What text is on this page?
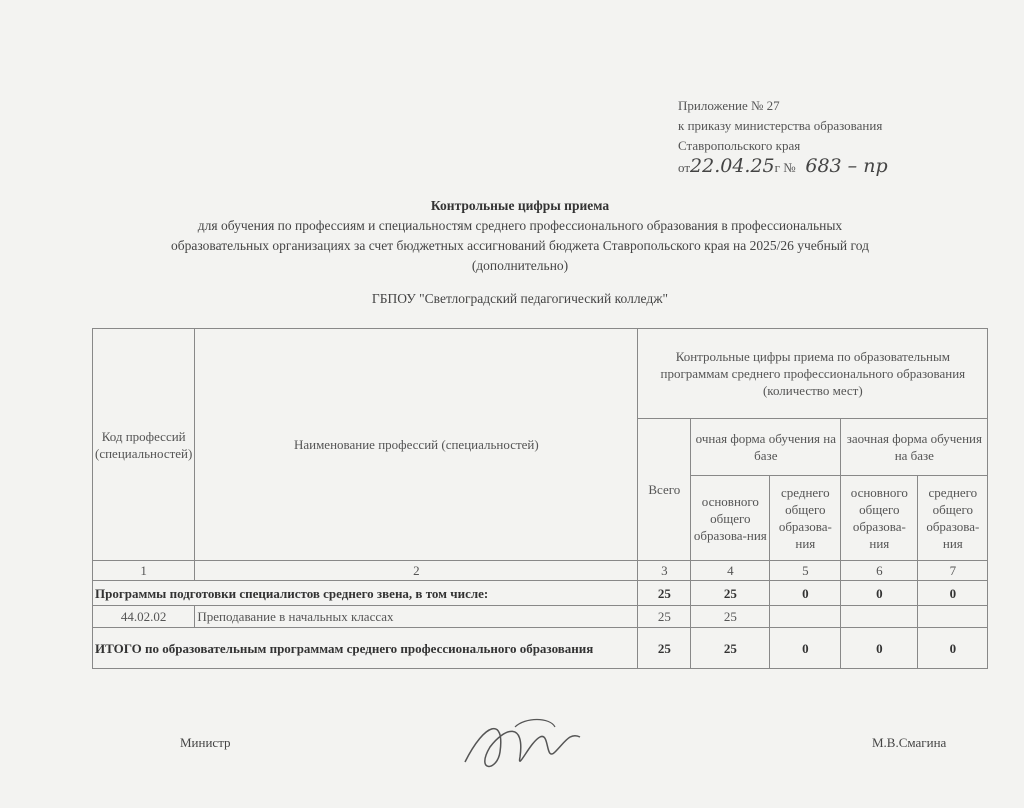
Приложение № 27
к приказу министерства образования
Ставропольского края
от22.04.25г № 683 – пр
Контрольные цифры приема
для обучения по профессиям и специальностям среднего профессионального образования в профессиональных
образовательных организациях за счет бюджетных ассигнований бюджета Ставропольского края на 2025/26 учебный год
(дополнительно)
ГБПОУ "Светлоградский педагогический колледж"
Код профессий (специальностей)	Наименование профессий (специальностей)	Контрольные цифры приема по образовательным программам среднего профессионального образования (количество мест)				
		Всего	очная форма обучения на базе		заочная форма обучения на базе	
			основного общего образова-ния	среднего общего образова-ния	основного общего образова-ния	среднего общего образова-ния
1	2	3	4	5	6	7
Программы подготовки специалистов среднего звена, в том числе:		25	25	0	0	0
44.02.02	Преподавание в начальных классах	25	25			
ИТОГО по образовательным программам среднего профессионального образования		25	25	0	0	0
Министр	М.В.Смагина
